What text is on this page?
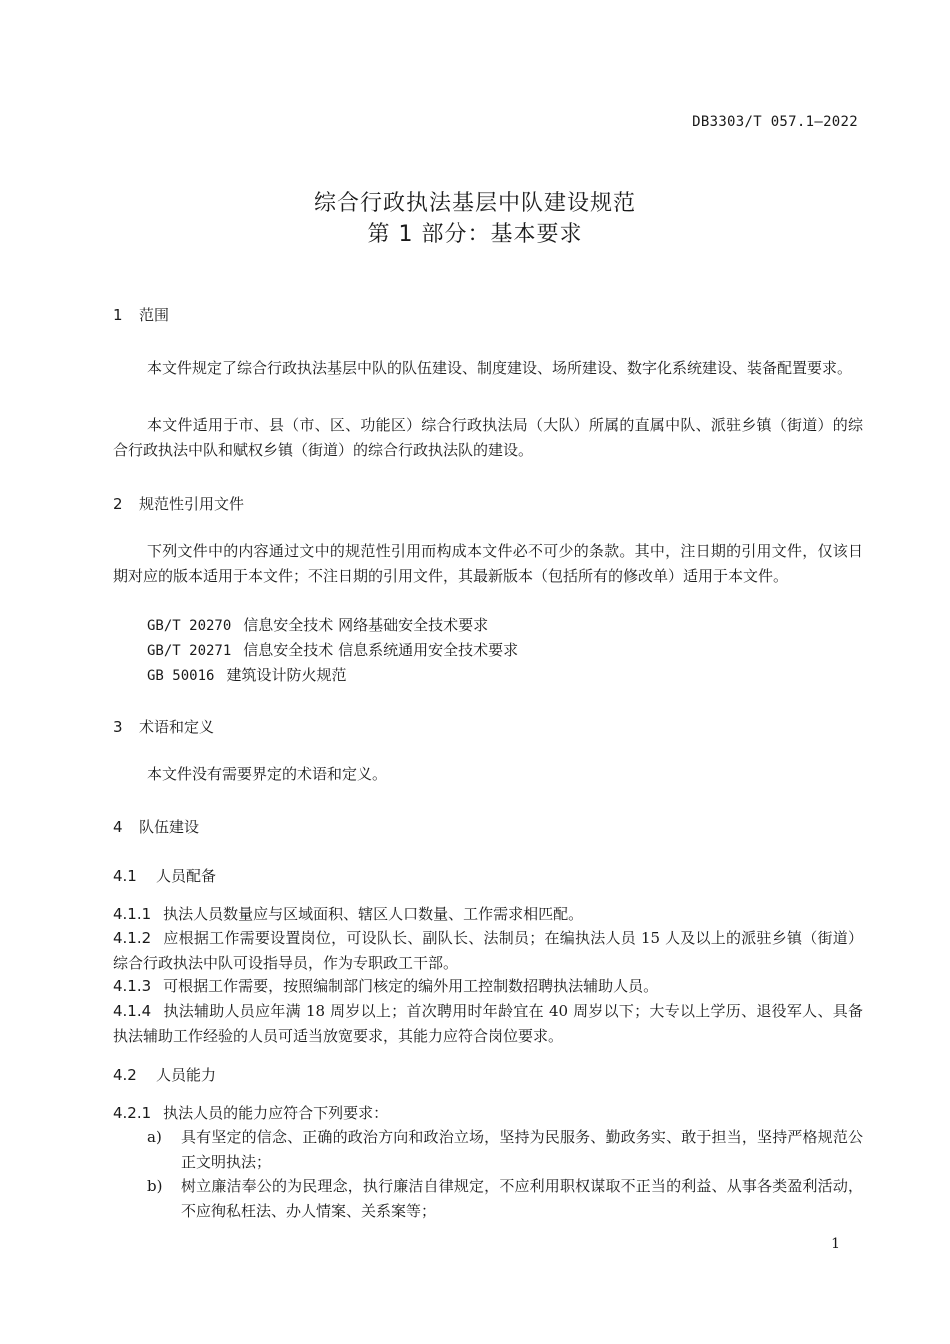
DB3303/T 057.1—2022
综合行政执法基层中队建设规范
第 1 部分：基本要求
1 范围
本文件规定了综合行政执法基层中队的队伍建设、制度建设、场所建设、数字化系统建设、装备配置要求。
本文件适用于市、县（市、区、功能区）综合行政执法局（大队）所属的直属中队、派驻乡镇（街道）的综合行政执法中队和赋权乡镇（街道）的综合行政执法队的建设。
2 规范性引用文件
下列文件中的内容通过文中的规范性引用而构成本文件必不可少的条款。其中，注日期的引用文件，仅该日期对应的版本适用于本文件；不注日期的引用文件，其最新版本（包括所有的修改单）适用于本文件。
GB/T 20270 信息安全技术 网络基础安全技术要求
GB/T 20271 信息安全技术 信息系统通用安全技术要求
GB 50016 建筑设计防火规范
3 术语和定义
本文件没有需要界定的术语和定义。
4 队伍建设
4.1 人员配备
4.1.1 执法人员数量应与区域面积、辖区人口数量、工作需求相匹配。
4.1.2 应根据工作需要设置岗位，可设队长、副队长、法制员；在编执法人员 15 人及以上的派驻乡镇（街道）综合行政执法中队可设指导员，作为专职政工干部。
4.1.3 可根据工作需要，按照编制部门核定的编外用工控制数招聘执法辅助人员。
4.1.4 执法辅助人员应年满 18 周岁以上；首次聘用时年龄宜在 40 周岁以下；大专以上学历、退役军人、具备执法辅助工作经验的人员可适当放宽要求，其能力应符合岗位要求。
4.2 人员能力
4.2.1 执法人员的能力应符合下列要求：
a) 具有坚定的信念、正确的政治方向和政治立场，坚持为民服务、勤政务实、敢于担当，坚持严格规范公正文明执法；
b) 树立廉洁奉公的为民理念，执行廉洁自律规定，不应利用职权谋取不正当的利益、从事各类盈利活动，不应徇私枉法、办人情案、关系案等；
1
